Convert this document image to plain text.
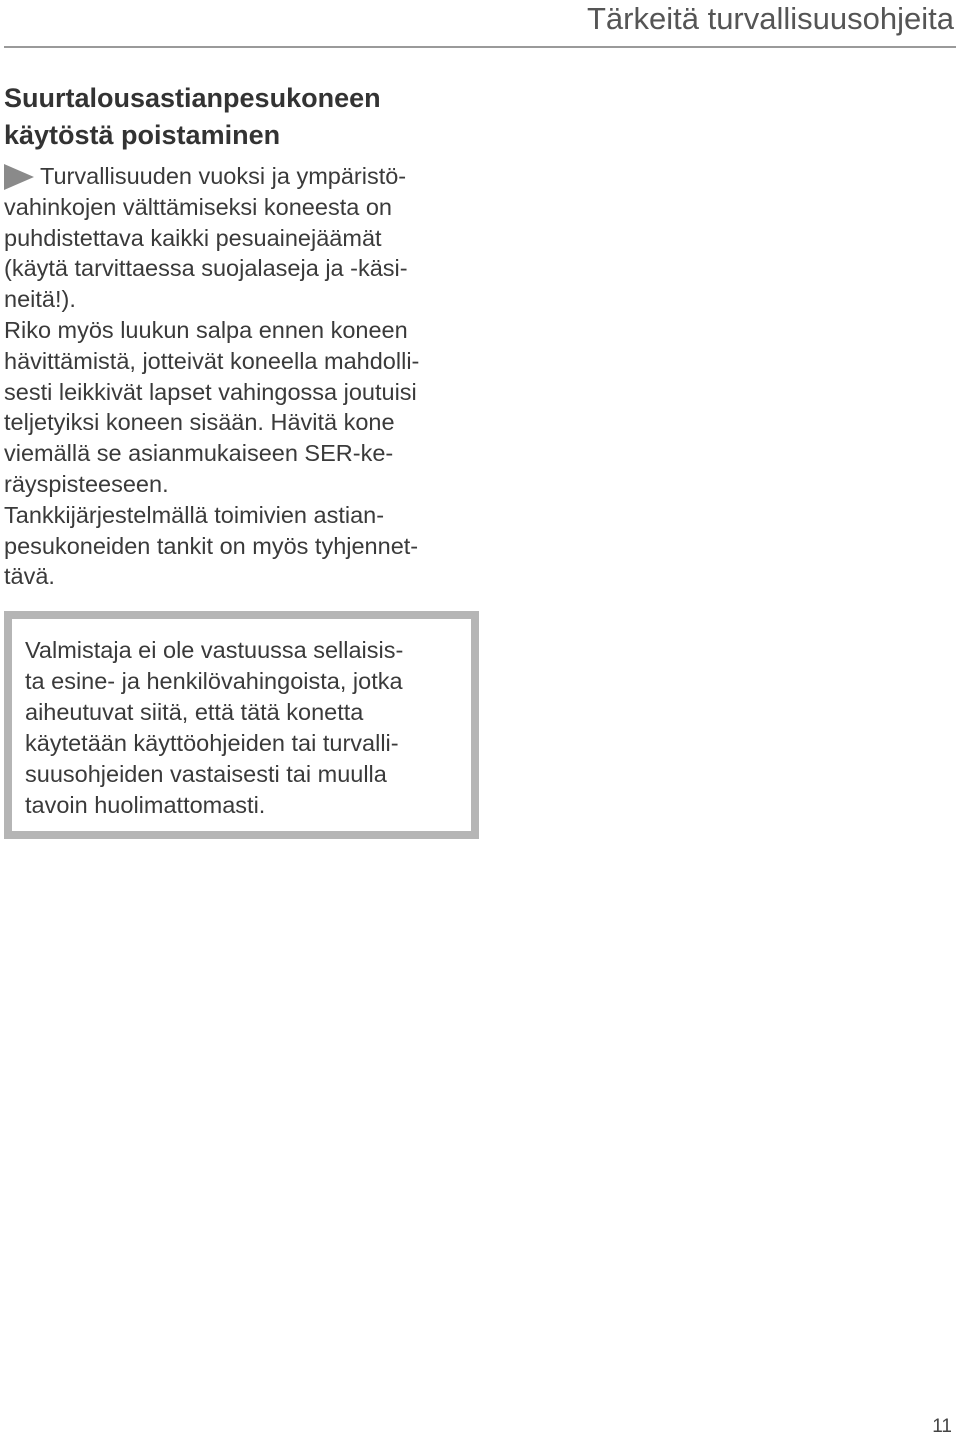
Tärkeitä turvallisuusohjeita
Suurtalousastianpesukoneen
käytöstä poistaminen

Turvallisuuden vuoksi ja ympäristö-
vahinkojen välttämiseksi koneesta on
puhdistettava kaikki pesuainejäämät
(käytä tarvittaessa suojalaseja ja -käsi-
neitä!).

Riko myös luukun salpa ennen koneen
hävittämistä, jotteivät koneella mahdolli-
sesti leikkivät lapset vahingossa joutuisi
teljetyiksi koneen sisään. Hävitä kone
viemällä se asianmukaiseen SER-ke-
räyspisteeseen.

Tankkijärjestelmällä toimivien astian-
pesukoneiden tankit on myös tyhjennet-
tävä.

Valmistaja ei ole vastuussa sellaisis-
ta esine- ja henkilövahingoista, jotka
aiheutuvat siitä, että tätä konetta
käytetään käyttöohjeiden tai turvalli-
suusohjeiden vastaisesti tai muulla
tavoin huolimattomasti.

11
